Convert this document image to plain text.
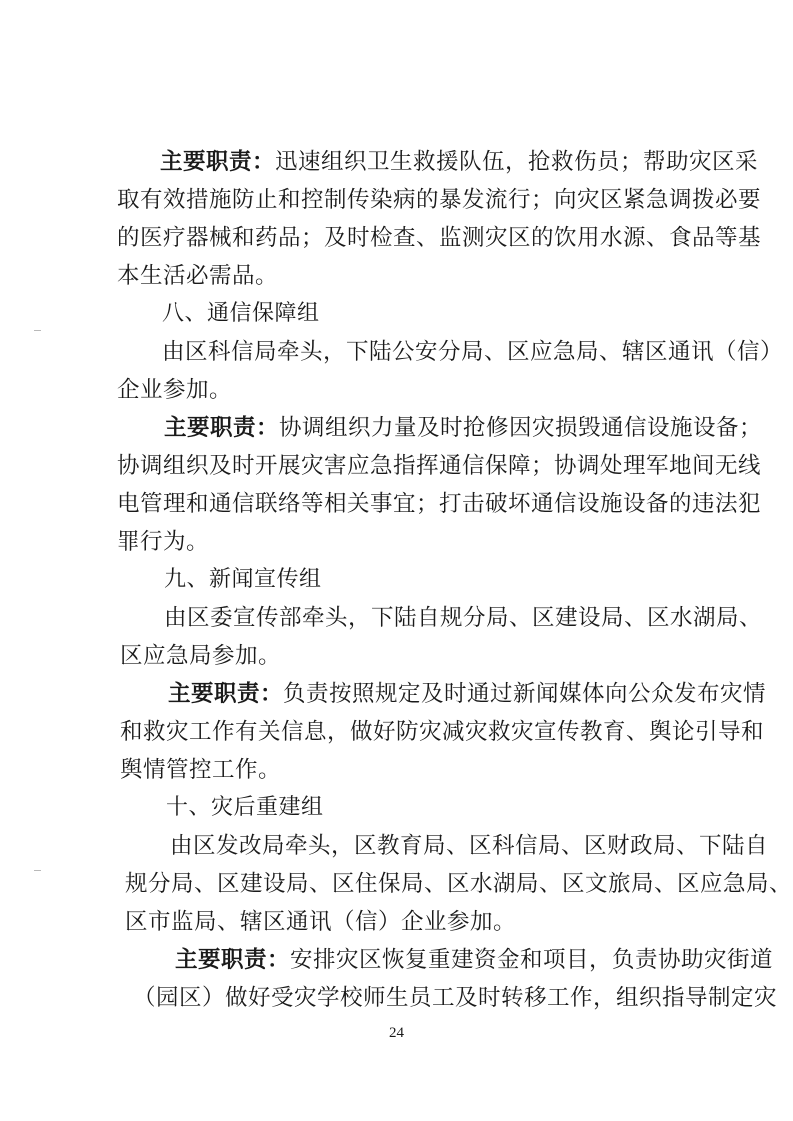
主要职责：迅速组织卫生救援队伍，抢救伤员；帮助灾区采
取有效措施防止和控制传染病的暴发流行；向灾区紧急调拨必要
的医疗器械和药品；及时检查、监测灾区的饮用水源、食品等基
本生活必需品。
八、通信保障组
由区科信局牵头，下陆公安分局、区应急局、辖区通讯（信）
企业参加。
主要职责：协调组织力量及时抢修因灾损毁通信设施设备；
协调组织及时开展灾害应急指挥通信保障；协调处理军地间无线
电管理和通信联络等相关事宜；打击破坏通信设施设备的违法犯
罪行为。
九、新闻宣传组
由区委宣传部牵头，下陆自规分局、区建设局、区水湖局、
区应急局参加。
主要职责：负责按照规定及时通过新闻媒体向公众发布灾情
和救灾工作有关信息，做好防灾减灾救灾宣传教育、舆论引导和
舆情管控工作。
十、灾后重建组
由区发改局牵头，区教育局、区科信局、区财政局、下陆自
规分局、区建设局、区住保局、区水湖局、区文旅局、区应急局、
区市监局、辖区通讯（信）企业参加。
主要职责：安排灾区恢复重建资金和项目，负责协助灾街道
（园区）做好受灾学校师生员工及时转移工作，组织指导制定灾
24
